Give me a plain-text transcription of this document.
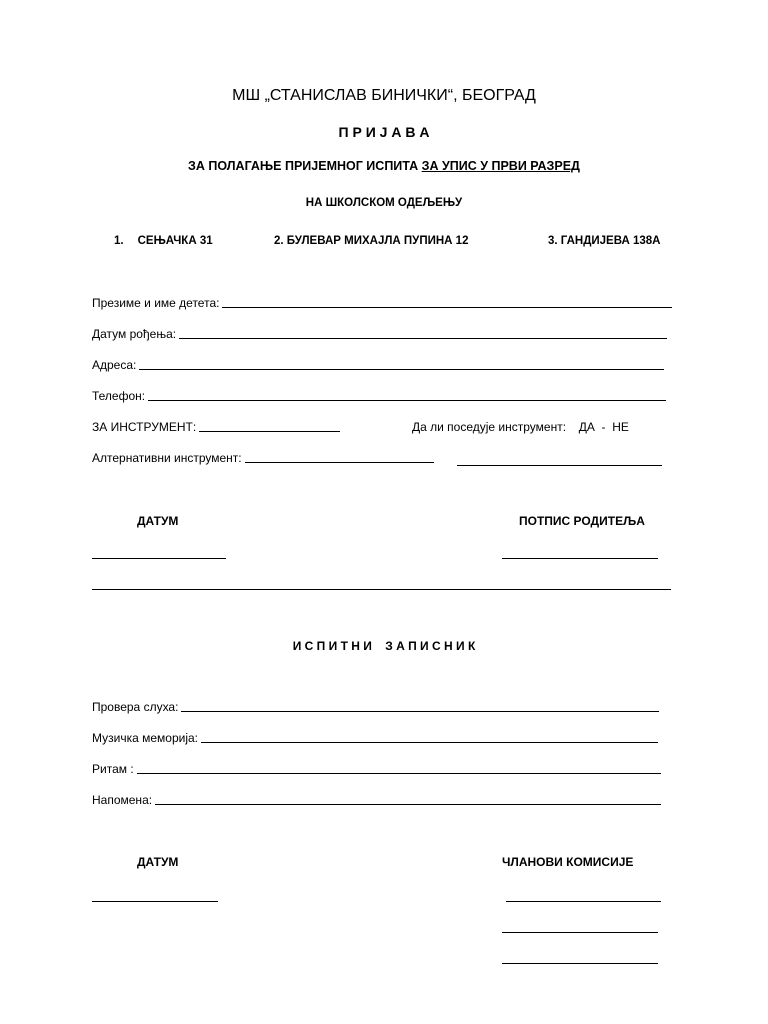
МШ „СТАНИСЛАВ БИНИЧКИ“, БЕОГРАД
П Р И Ј А В А
ЗА ПОЛАГАЊЕ ПРИЈЕМНОГ ИСПИТА ЗА УПИС У ПРВИ РАЗРЕД
НА ШКОЛСКОМ ОДЕЉЕЊУ
1. СЕЊАЧКА 31	2. БУЛЕВАР МИХАЈЛА ПУПИНА 12	3. ГАНДИЈЕВА 138А
Презиме и име детета:
Датум рођења:
Адреса:
Телефон:
ЗА ИНСТРУМЕНТ:	Да ли поседује инструмент: ДА  -  НЕ
Алтернативни инструмент:
ДАТУМ	ПОТПИС РОДИТЕЉА
И С П И Т Н И    З А П И С Н И К
Провера слуха:
Музичка меморија:
Ритам :
Напомена:
ДАТУМ	ЧЛАНОВИ КОМИСИЈЕ
